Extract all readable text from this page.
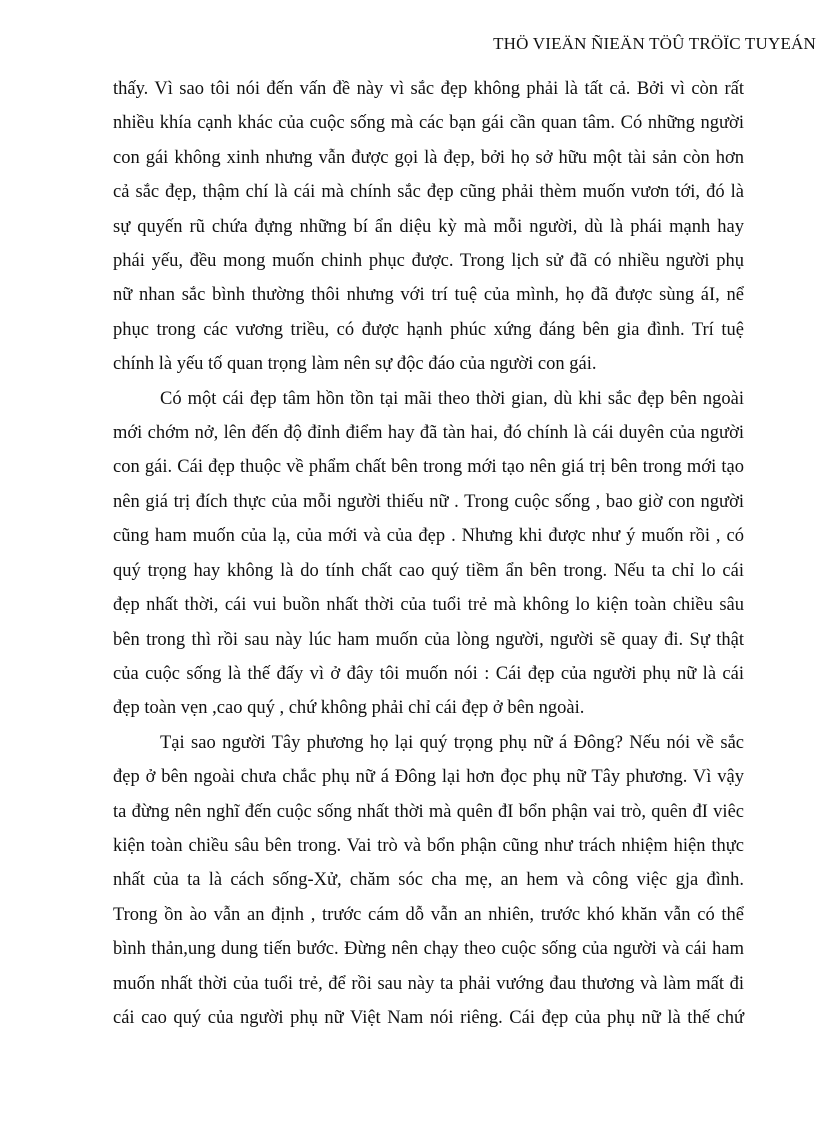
THÖ VIEÄN ÑIEÄN TÖÛ TRÖÏC TUYEÁN

thấy. Vì sao tôi nói đến vấn đề này vì sắc đẹp không phải là tất cả. Bởi vì còn rất
nhiều khía cạnh khác của cuộc sống mà các bạn gái cần quan tâm. Có những người
con gái không xinh nhưng vẫn được gọi là đẹp, bởi họ sở hữu một tài sản còn hơn
cả sắc đẹp, thậm chí là cái mà chính sắc đẹp cũng phải thèm muốn vươn tới, đó là
sự quyến rũ chứa đựng những bí ẩn diệu kỳ mà mỗi người, dù là phái mạnh hay
phái yếu, đều mong muốn chinh phục được. Trong lịch sử đã có nhiều người phụ
nữ nhan sắc bình thường thôi nhưng với trí tuệ của mình, họ đã được sùng áI, nể
phục trong các vương triều, có được hạnh phúc xứng đáng bên gia đình. Trí tuệ
chính là yếu tố quan trọng làm nên sự độc đáo của người con gái.

Có một cái đẹp tâm hồn tồn tại mãi theo thời gian, dù khi sắc đẹp bên ngoài
mới chớm nở, lên đến độ đỉnh điểm hay đã tàn hai, đó chính là cái duyên của người
con gái. Cái đẹp thuộc về phẩm chất bên trong mới tạo nên giá trị bên trong mới tạo
nên giá trị đích thực của mỗi người thiếu nữ . Trong cuộc sống , bao giờ con người
cũng ham muốn của lạ, của mới và của đẹp . Nhưng khi được như ý muốn rồi , có
quý trọng hay không là do tính chất cao quý tiềm ẩn bên trong. Nếu ta chỉ lo cái
đẹp nhất thời, cái vui buồn nhất thời của tuổi trẻ mà không lo kiện toàn chiều sâu
bên trong thì rồi sau này lúc ham muốn của lòng người, người sẽ quay đi. Sự thật
của cuộc sống là thế đấy vì ở đây tôi muốn nói : Cái đẹp của người phụ nữ là cái
đẹp toàn vẹn ,cao quý , chứ không phải chỉ cái đẹp ở bên ngoài.

Tại sao người Tây phương họ lại quý trọng phụ nữ á Đông? Nếu nói về sắc
đẹp ở bên ngoài chưa chắc phụ nữ á Đông lại hơn đọc phụ nữ Tây phương. Vì vậy
ta đừng nên nghĩ đến cuộc sống nhất thời mà quên đI bổn phận vai trò, quên đI viêc
kiện toàn chiều sâu bên trong. Vai trò và bổn phận cũng như trách nhiệm hiện thực
nhất của ta là cách sống-Xử, chăm sóc cha mẹ, an hem và công việc gja đình.
Trong ồn ào vẫn an định , trước cám dỗ vẫn an nhiên, trước khó khăn vẫn có thể
bình thản,ung dung tiến bước. Đừng nên chạy theo cuộc sống của người và cái ham
muốn nhất thời của tuổi trẻ, để rồi sau này ta phải vướng đau thương và làm mất đi
cái cao quý của người phụ nữ Việt Nam nói riêng. Cái đẹp của phụ nữ là thế chứ
